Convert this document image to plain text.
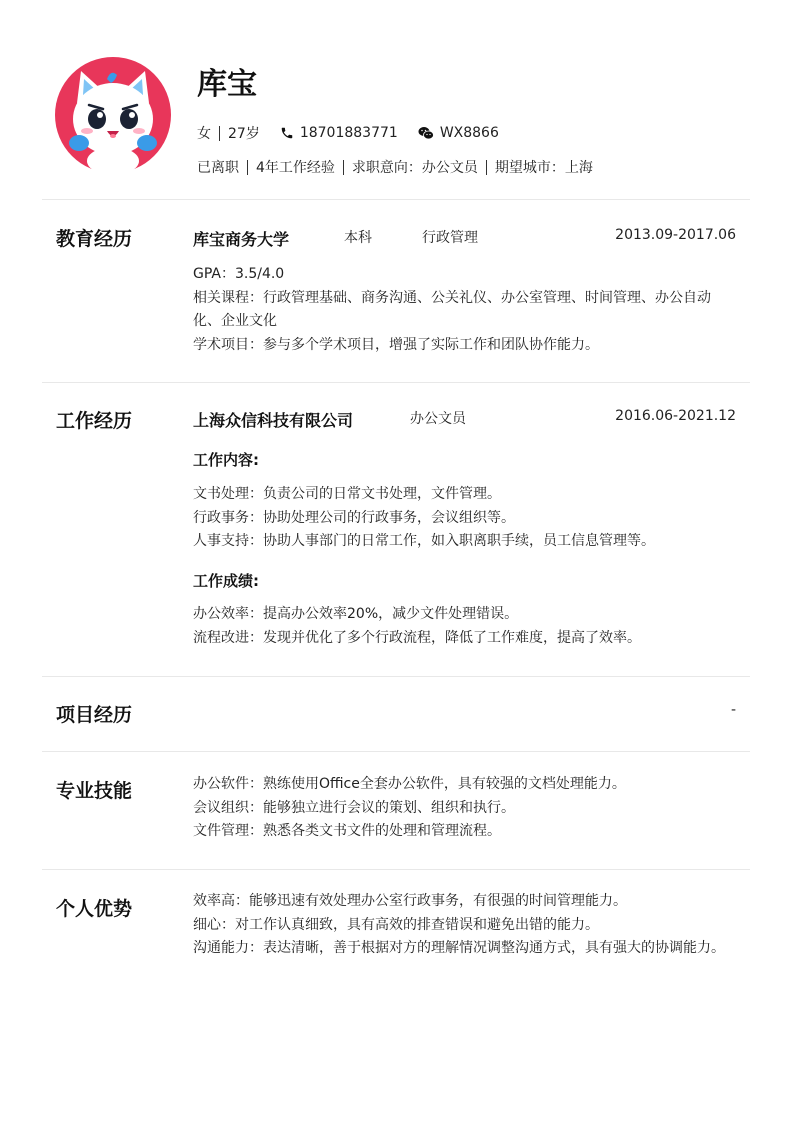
库宝
女 27岁	18701883771	WX8866
已离职 4年工作经验 求职意向：办公文员 期望城市：上海
教育经历	库宝商务大学	本科	行政管理	2013.09-2017.06
GPA：3.5/4.0
相关课程：行政管理基础、商务沟通、公关礼仪、办公室管理、时间管理、办公自动化、企业文化
学术项目：参与多个学术项目，增强了实际工作和团队协作能力。
工作经历	上海众信科技有限公司	办公文员	2016.06-2021.12
工作内容:
文书处理：负责公司的日常文书处理，文件管理。
行政事务：协助处理公司的行政事务，会议组织等。
人事支持：协助人事部门的日常工作，如入职离职手续，员工信息管理等。
工作成绩:
办公效率：提高办公效率20%，减少文件处理错误。
流程改进：发现并优化了多个行政流程，降低了工作难度，提高了效率。
项目经历	-
专业技能	办公软件：熟练使用Office全套办公软件，具有较强的文档处理能力。
会议组织：能够独立进行会议的策划、组织和执行。
文件管理：熟悉各类文书文件的处理和管理流程。
个人优势	效率高：能够迅速有效处理办公室行政事务，有很强的时间管理能力。
细心：对工作认真细致，具有高效的排查错误和避免出错的能力。
沟通能力：表达清晰，善于根据对方的理解情况调整沟通方式，具有强大的协调能力。
